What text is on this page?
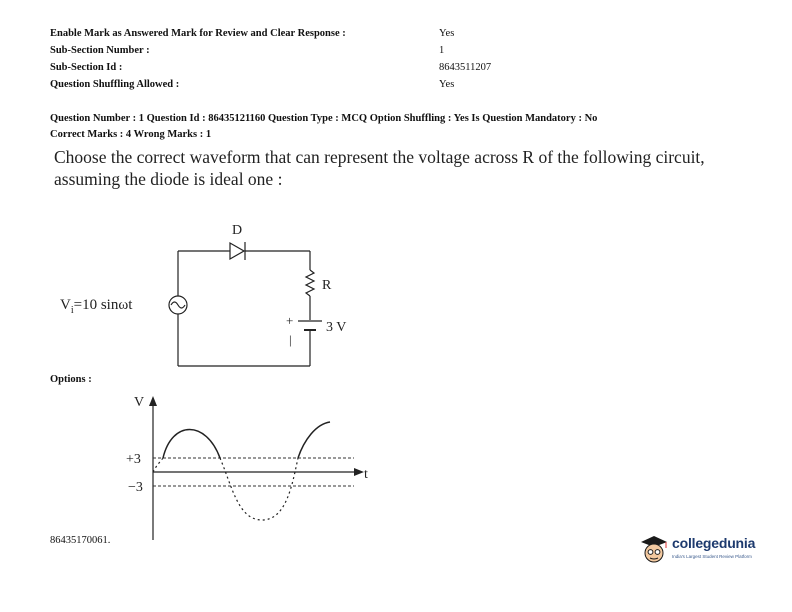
Enable Mark as Answered Mark for Review and Clear Response :	Yes
Sub-Section Number :	1
Sub-Section Id :	8643511207
Question Shuffling Allowed :	Yes
Question Number : 1 Question Id : 86435121160 Question Type : MCQ Option Shuffling : Yes Is Question Mandatory : No
Correct Marks : 4 Wrong Marks : 1
Choose the correct waveform that can represent the voltage across R of the following circuit,
assuming the diode is ideal one :
D
R
+
|
3 V
$V_i=10$ sinωt
V
t
+3
−3
Options :
86435170061.	collegedunia
India's Largest Student Review Platform
